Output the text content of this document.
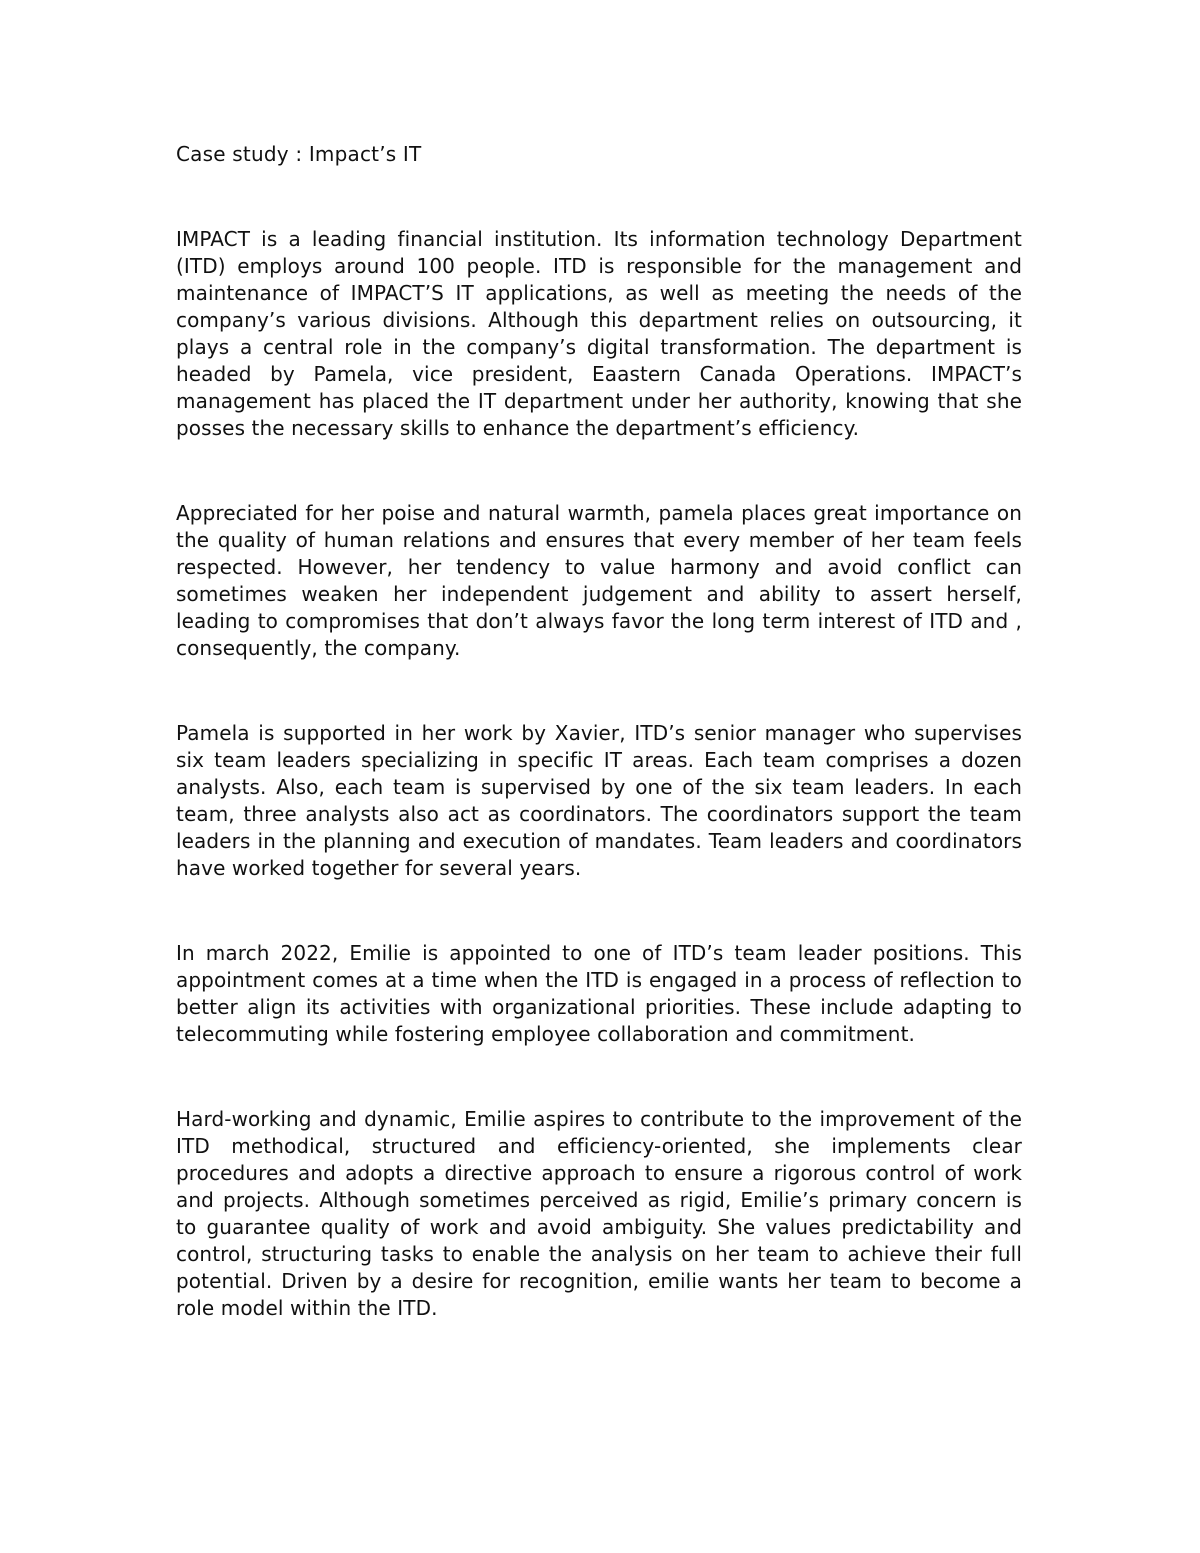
Case study : Impact’s IT

IMPACT is a leading financial institution. Its information technology Department (ITD) employs around 100 people. ITD is responsible for the management and maintenance of IMPACT’S IT applications, as well as meeting the needs of the company’s various divisions. Although this department relies on outsourcing, it plays a central role in the company’s digital transformation. The department is headed by Pamela, vice president, Eaastern Canada Operations. IMPACT’s management has placed the IT department under her authority, knowing that she posses the necessary skills to enhance the department’s efficiency.

Appreciated for her poise and natural warmth, pamela places great importance on the quality of human relations and ensures that every member of her team feels respected. However, her tendency to value harmony and avoid conflict can sometimes weaken her independent judgement and ability to assert herself, leading to compromises that don’t always favor the long term interest of ITD and , consequently, the company.

Pamela is supported in her work by Xavier, ITD’s senior manager who supervises six team leaders specializing in specific IT areas. Each team comprises a dozen analysts. Also, each team is supervised by one of the six team leaders. In each team, three analysts also act as coordinators. The coordinators support the team leaders in the planning and execution of mandates. Team leaders and coordinators have worked together for several years.

In march 2022, Emilie is appointed to one of ITD’s team leader positions. This appointment comes at a time when the ITD is engaged in a process of reflection to better align its activities with organizational priorities. These include adapting to telecommuting while fostering employee collaboration and commitment.

Hard-working and dynamic, Emilie aspires to contribute to the improvement of the ITD methodical, structured and efficiency-oriented, she implements clear procedures and adopts a directive approach to ensure a rigorous control of work and projects. Although sometimes perceived as rigid, Emilie’s primary concern is to guarantee quality of work and avoid ambiguity. She values predictability and control, structuring tasks to enable the analysis on her team to achieve their full potential. Driven by a desire for recognition, emilie wants her team to become a role model within the ITD.
